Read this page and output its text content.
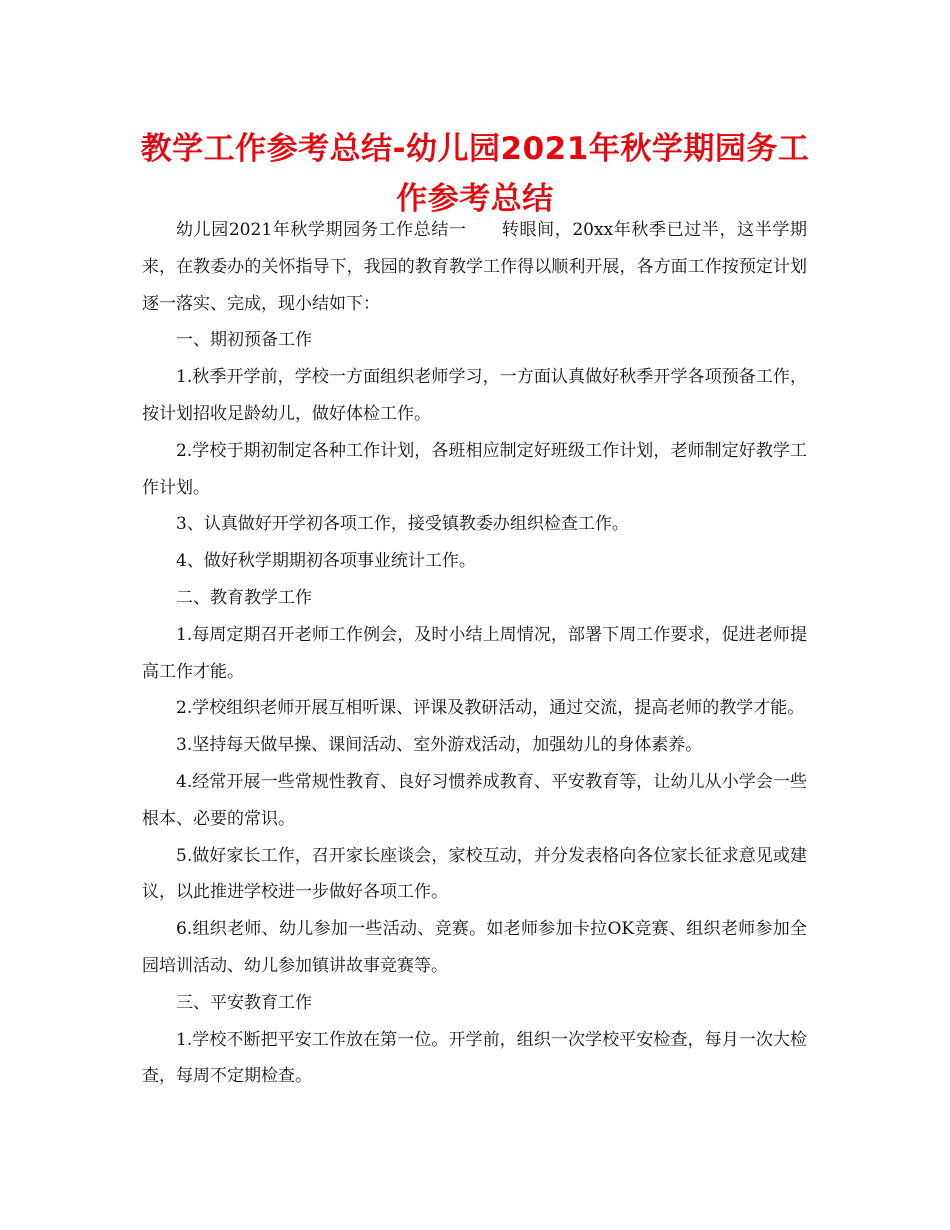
教学工作参考总结-幼儿园2021年秋学期园务工作参考总结

幼儿园2021年秋学期园务工作总结一　　转眼间，20xx年秋季已过半，这半学期来，在教委办的关怀指导下，我园的教育教学工作得以顺利开展，各方面工作按预定计划逐一落实、完成，现小结如下：

一、期初预备工作

1.秋季开学前，学校一方面组织老师学习，一方面认真做好秋季开学各项预备工作，按计划招收足龄幼儿，做好体检工作。

2.学校于期初制定各种工作计划，各班相应制定好班级工作计划，老师制定好教学工作计划。

3、认真做好开学初各项工作，接受镇教委办组织检查工作。

4、做好秋学期期初各项事业统计工作。

二、教育教学工作

1.每周定期召开老师工作例会，及时小结上周情况，部署下周工作要求，促进老师提高工作才能。

2.学校组织老师开展互相听课、评课及教研活动，通过交流，提高老师的教学才能。

3.坚持每天做早操、课间活动、室外游戏活动，加强幼儿的身体素养。

4.经常开展一些常规性教育、良好习惯养成教育、平安教育等，让幼儿从小学会一些根本、必要的常识。

5.做好家长工作，召开家长座谈会，家校互动，并分发表格向各位家长征求意见或建议，以此推进学校进一步做好各项工作。

6.组织老师、幼儿参加一些活动、竞赛。如老师参加卡拉OK竞赛、组织老师参加全园培训活动、幼儿参加镇讲故事竞赛等。

三、平安教育工作

1.学校不断把平安工作放在第一位。开学前，组织一次学校平安检查，每月一次大检查，每周不定期检查。
